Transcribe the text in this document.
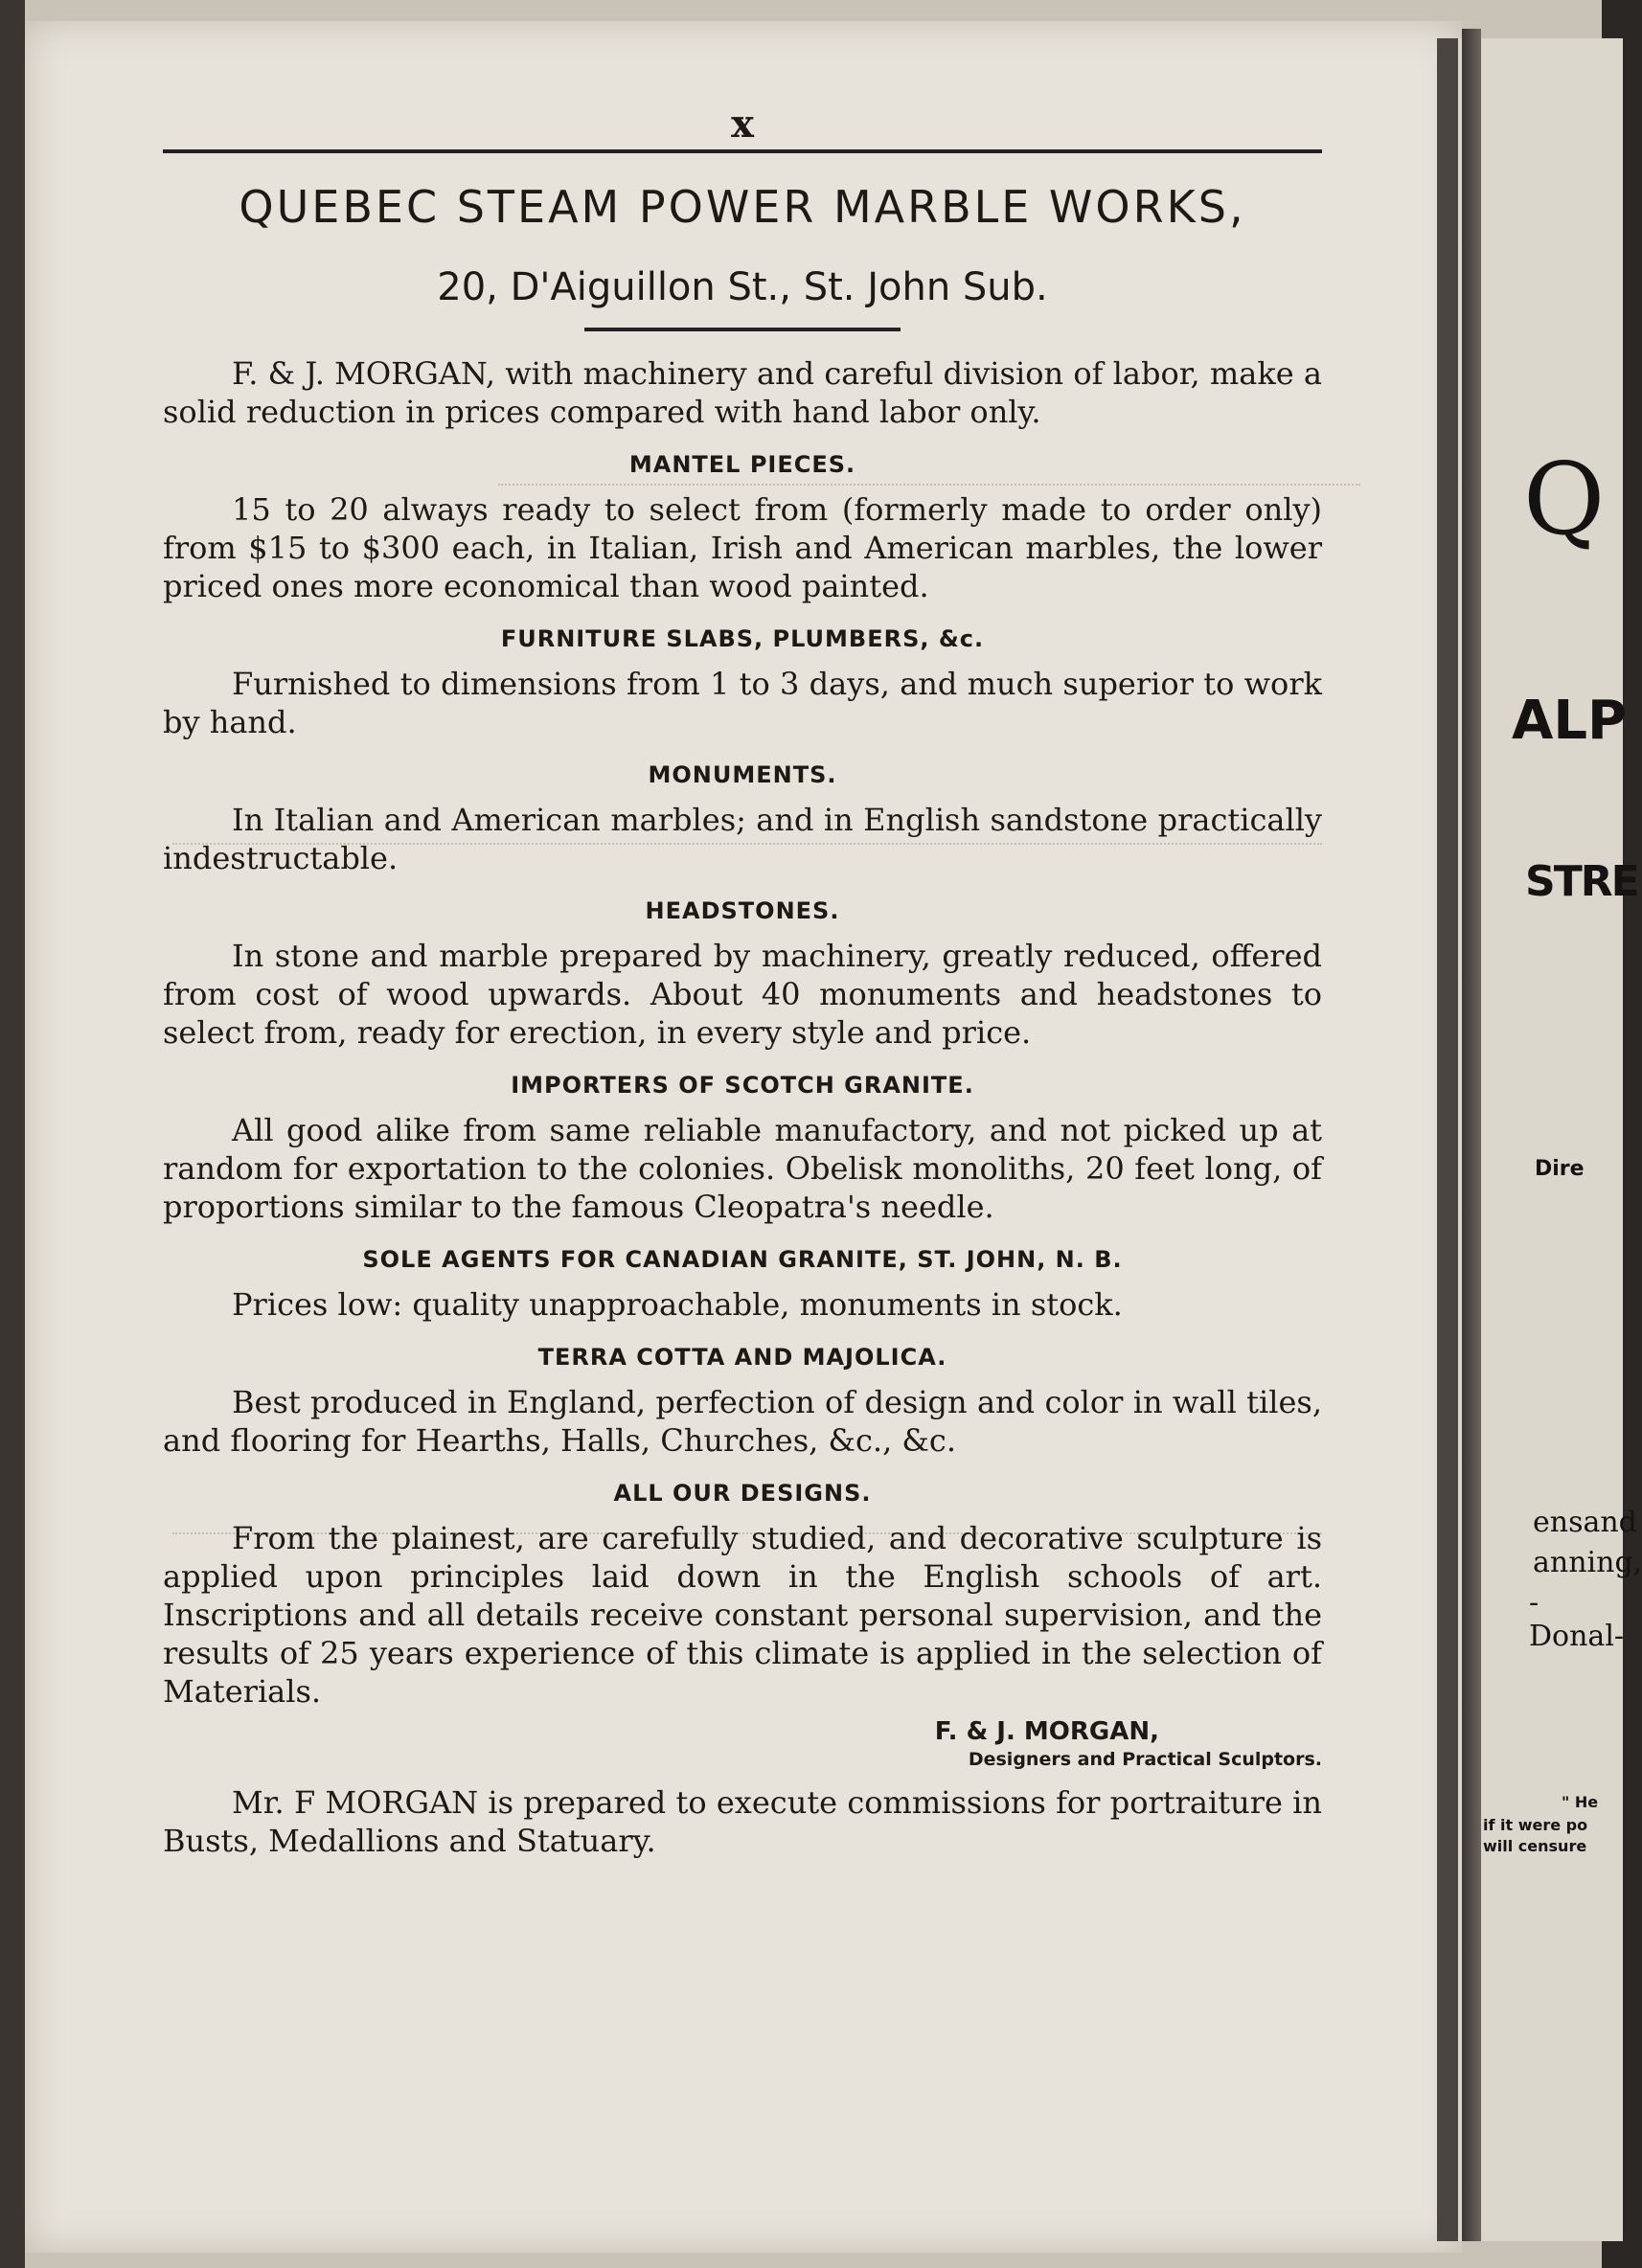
Q
ALP
STRE
Dire
ensand
anning,
-Donal-
" He
if it were po
will censure
x
QUEBEC STEAM POWER MARBLE WORKS,
20, D'Aiguillon St., St. John Sub.

F. & J. MORGAN, with machinery and careful division of labor, make a solid reduction in prices compared with hand labor only.

MANTEL PIECES.

15 to 20 always ready to select from (formerly made to order only) from $15 to $300 each, in Italian, Irish and American marbles, the lower priced ones more economical than wood painted.

FURNITURE SLABS, PLUMBERS, &c.

Furnished to dimensions from 1 to 3 days, and much superior to work by hand.

MONUMENTS.

In Italian and American marbles; and in English sandstone practically indestructable.

HEADSTONES.

In stone and marble prepared by machinery, greatly reduced, offered from cost of wood upwards. About 40 monuments and headstones to select from, ready for erection, in every style and price.

IMPORTERS OF SCOTCH GRANITE.

All good alike from same reliable manufactory, and not picked up at random for exportation to the colonies. Obelisk monoliths, 20 feet long, of proportions similar to the famous Cleopatra's needle.

SOLE AGENTS FOR CANADIAN GRANITE, ST. JOHN, N. B.

Prices low: quality unapproachable, monuments in stock.

TERRA COTTA AND MAJOLICA.

Best produced in England, perfection of design and color in wall tiles, and flooring for Hearths, Halls, Churches, &c., &c.

ALL OUR DESIGNS.

From the plainest, are carefully studied, and decorative sculpture is applied upon principles laid down in the English schools of art. Inscriptions and all details receive constant personal supervision, and the results of 25 years experience of this climate is applied in the selection of Materials.

F. & J. MORGAN,
Designers and Practical Sculptors.

Mr. F MORGAN is prepared to execute commissions for portraiture in Busts, Medallions and Statuary.
